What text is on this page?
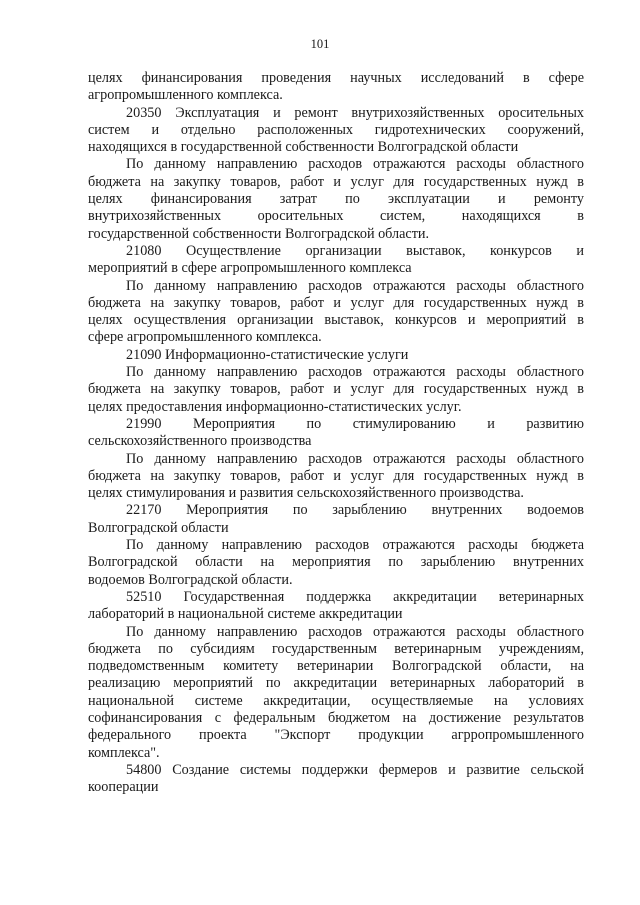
101
целях финансирования проведения научных исследований в сфере
агропромышленного комплекса.
20350 Эксплуатация и ремонт внутрихозяйственных оросительных
систем и отдельно расположенных гидротехнических сооружений,
находящихся в государственной собственности Волгоградской области
По данному направлению расходов отражаются расходы областного
бюджета на закупку товаров, работ и услуг для государственных нужд в
целях финансирования затрат по эксплуатации и ремонту
внутрихозяйственных оросительных систем, находящихся в
государственной собственности Волгоградской области.
21080 Осуществление организации выставок, конкурсов и
мероприятий в сфере агропромышленного комплекса
По данному направлению расходов отражаются расходы областного
бюджета на закупку товаров, работ и услуг для государственных нужд в
целях осуществления организации выставок, конкурсов и мероприятий в
сфере агропромышленного комплекса.
21090 Информационно-статистические услуги
По данному направлению расходов отражаются расходы областного
бюджета на закупку товаров, работ и услуг для государственных нужд в
целях предоставления информационно-статистических услуг.
21990 Мероприятия по стимулированию и развитию
сельскохозяйственного производства
По данному направлению расходов отражаются расходы областного
бюджета на закупку товаров, работ и услуг для государственных нужд в
целях стимулирования и развития сельскохозяйственного производства.
22170 Мероприятия по зарыблению внутренних водоемов
Волгоградской области
По данному направлению расходов отражаются расходы бюджета
Волгоградской области на мероприятия по зарыблению внутренних
водоемов Волгоградской области.
52510 Государственная поддержка аккредитации ветеринарных
лабораторий в национальной системе аккредитации
По данному направлению расходов отражаются расходы областного
бюджета по субсидиям государственным ветеринарным учреждениям,
подведомственным комитету ветеринарии Волгоградской области, на
реализацию мероприятий по аккредитации ветеринарных лабораторий в
национальной системе аккредитации, осуществляемые на условиях
софинансирования с федеральным бюджетом на достижение результатов
федерального проекта "Экспорт продукции агрропромышленного
комплекса".
54800 Создание системы поддержки фермеров и развитие сельской
кооперации
